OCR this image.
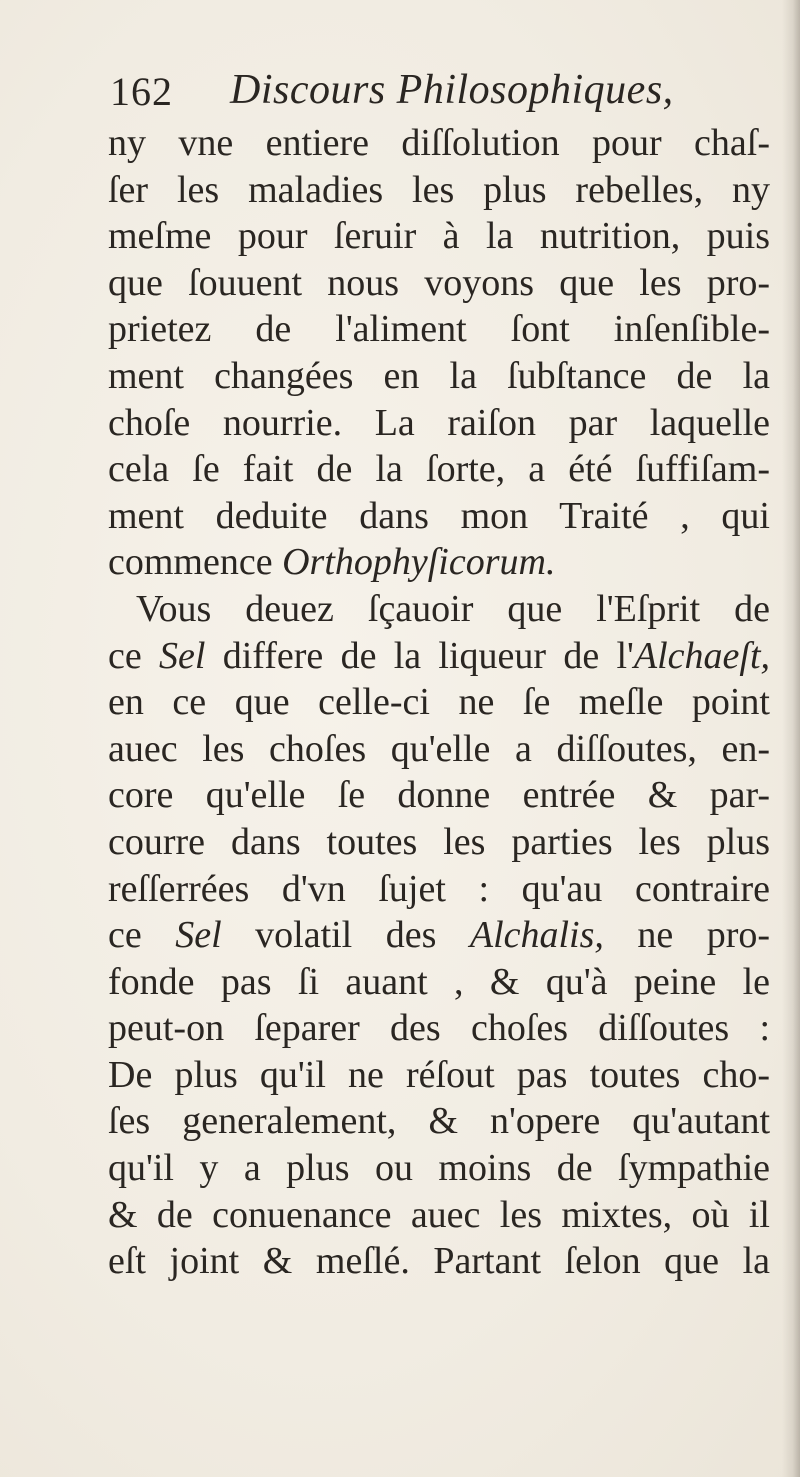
162 Discours Philosophiques,
ny vne entiere diſſolution pour chaſ-
ſer les maladies les plus rebelles, ny
meſme pour ſeruir à la nutrition, puis
que ſouuent nous voyons que les pro-
prietez de l'aliment ſont inſenſible-
ment changées en la ſubſtance de la
choſe nourrie. La raiſon par laquelle
cela ſe fait de la ſorte, a été ſuffiſam-
ment deduite dans mon Traité , qui
commence Orthophyſicorum.
Vous deuez ſçauoir que l'Eſprit de
ce Sel differe de la liqueur de l'Alchaeſt,
en ce que celle-ci ne ſe meſle point
auec les choſes qu'elle a diſſoutes, en-
core qu'elle ſe donne entrée & par-
courre dans toutes les parties les plus
reſſerrées d'vn ſujet : qu'au contraire
ce Sel volatil des Alchalis, ne pro-
fonde pas ſi auant , & qu'à peine le
peut-on ſeparer des choſes diſſoutes :
De plus qu'il ne réſout pas toutes cho-
ſes generalement, & n'opere qu'autant
qu'il y a plus ou moins de ſympathie
& de conuenance auec les mixtes, où il
eſt joint & meſlé. Partant ſelon que la
